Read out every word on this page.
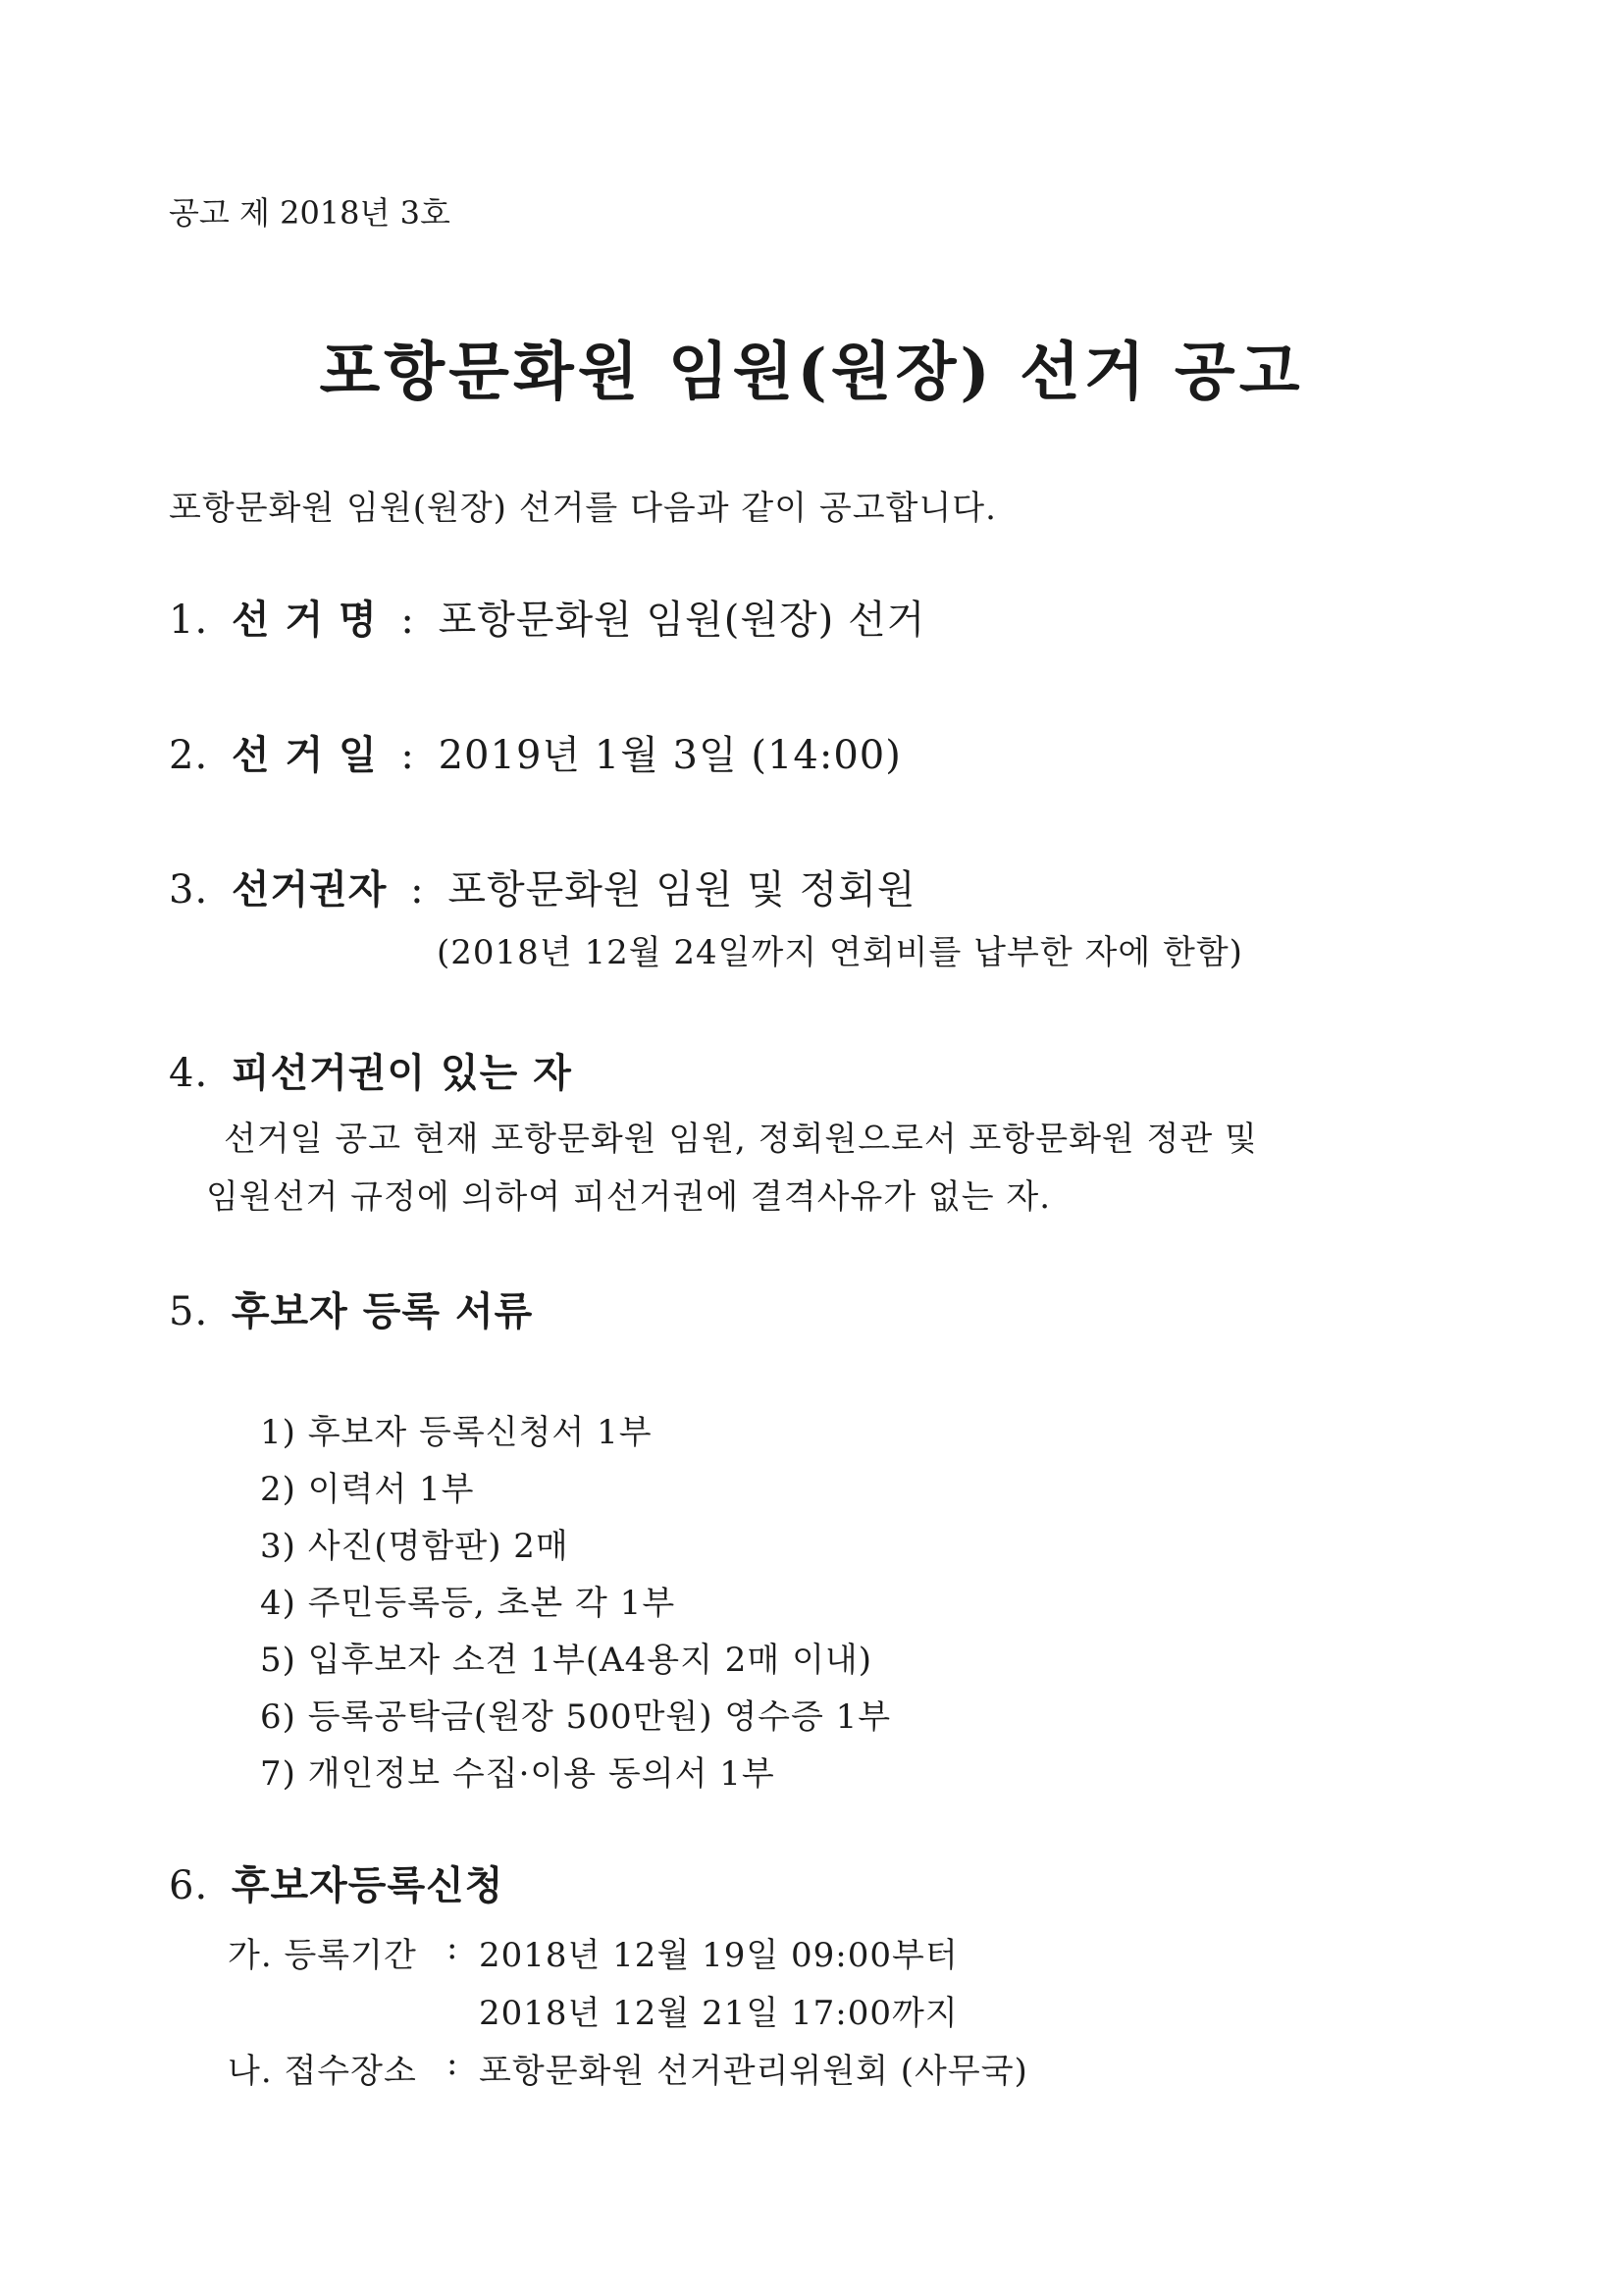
공고 제 2018년 3호
포항문화원 임원(원장) 선거 공고
포항문화원 임원(원장) 선거를 다음과 같이 공고합니다.
1. 선 거 명 : 포항문화원 임원(원장) 선거
2. 선 거 일 : 2019년 1월 3일 (14:00)
3. 선거권자 : 포항문화원 임원 및 정회원
(2018년 12월 24일까지 연회비를 납부한 자에 한함)
4. 피선거권이 있는 자
선거일 공고 현재 포항문화원 임원, 정회원으로서 포항문화원 정관 및
임원선거 규정에 의하여 피선거권에 결격사유가 없는 자.
5. 후보자 등록 서류
1) 후보자 등록신청서 1부
2) 이력서 1부
3) 사진(명함판) 2매
4) 주민등록등, 초본 각 1부
5) 입후보자 소견 1부(A4용지 2매 이내)
6) 등록공탁금(원장 500만원) 영수증 1부
7) 개인정보 수집·이용 동의서 1부
6. 후보자등록신청
가. 등록기간 : 2018년 12월 19일 09:00부터
2018년 12월 21일 17:00까지
나. 접수장소 : 포항문화원 선거관리위원회 (사무국)
